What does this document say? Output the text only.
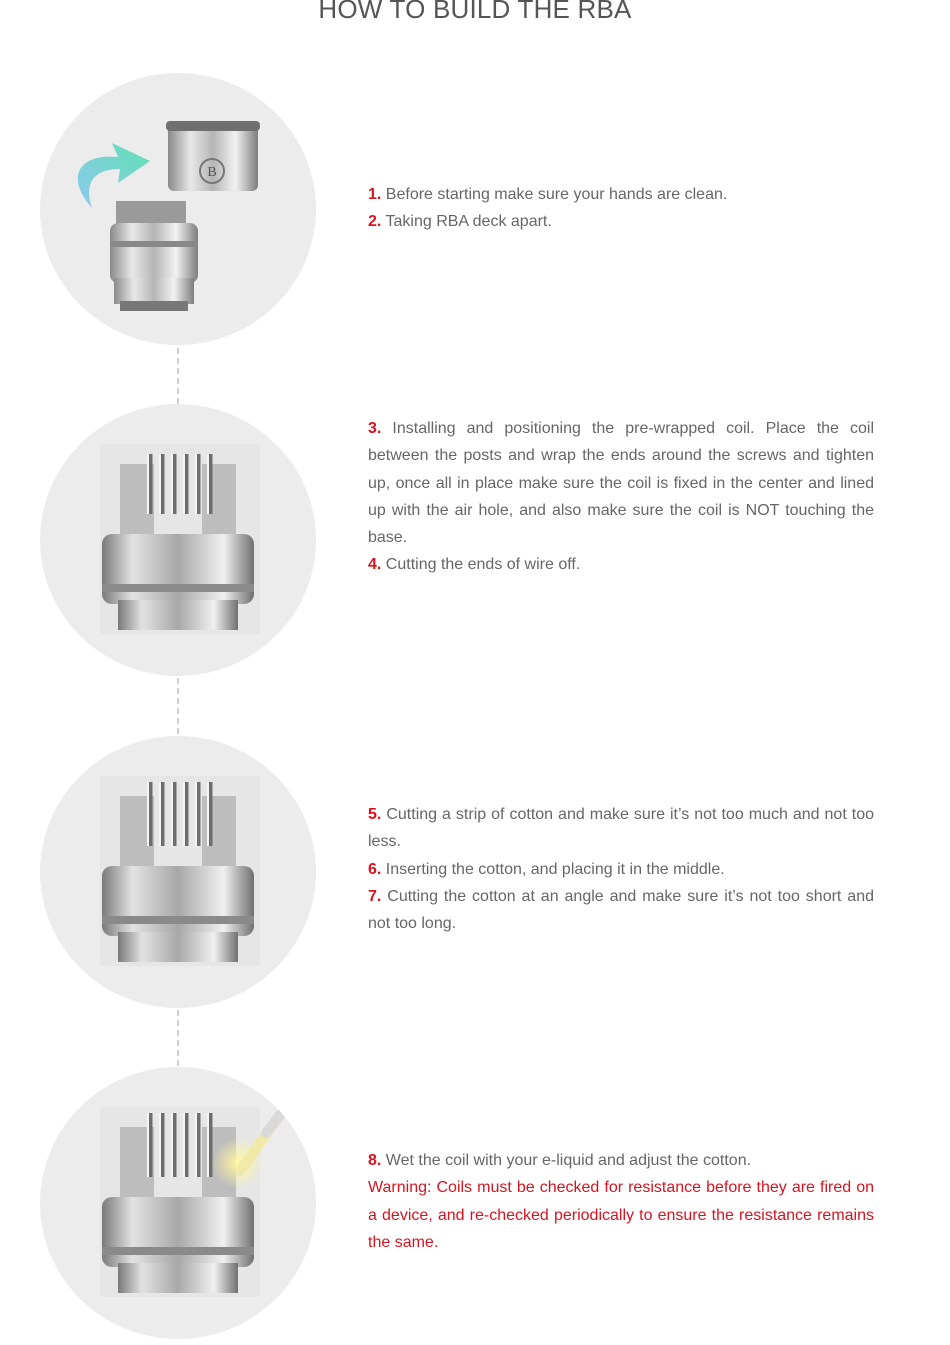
HOW TO BUILD THE RBA
B

1. Before starting make sure your hands are clean.

2. Taking RBA deck apart.

3. Installing and positioning the pre-wrapped coil. Place the coil between the posts and wrap the ends around the screws and tighten up, once all in place make sure the coil is fixed in the center and lined up with the air hole, and also make sure the coil is NOT touching the base.

4. Cutting the ends of wire off.

5. Cutting a strip of cotton and make sure it’s not too much and not too less.

6. Inserting the cotton, and placing it in the middle.

7. Cutting the cotton at an angle and make sure it’s not too short and not too long.

8. Wet the coil with your e-liquid and adjust the cotton.

Warning: Coils must be checked for resistance before they are fired on a device, and re-checked periodically to ensure the resistance remains the same.
